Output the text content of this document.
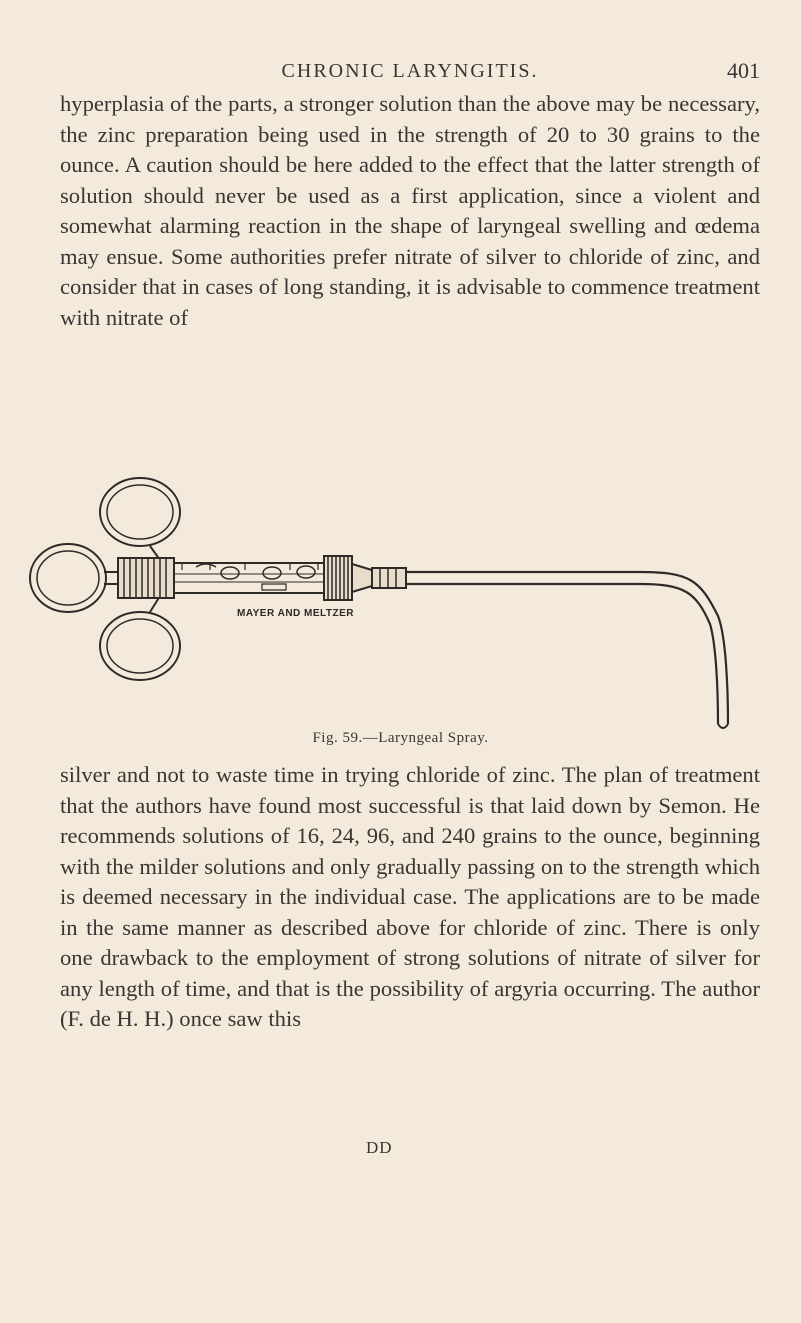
CHRONIC LARYNGITIS.	401

hyperplasia of the parts, a stronger solution than the above may be necessary, the zinc preparation being used in the strength of 20 to 30 grains to the ounce. A caution should be here added to the effect that the latter strength of solution should never be used as a first application, since a violent and somewhat alarming reaction in the shape of laryngeal swelling and œdema may ensue. Some authorities prefer nitrate of silver to chloride of zinc, and consider that in cases of long standing, it is advisable to commence treatment with nitrate of

MAYER AND MELTZER
Fig. 59.—Laryngeal Spray.

silver and not to waste time in trying chloride of zinc. The plan of treatment that the authors have found most successful is that laid down by Semon. He recommends solutions of 16, 24, 96, and 240 grains to the ounce, beginning with the milder solutions and only gradually passing on to the strength which is deemed necessary in the individual case. The applications are to be made in the same manner as described above for chloride of zinc. There is only one drawback to the employment of strong solutions of nitrate of silver for any length of time, and that is the possibility of argyria occurring. The author (F. de H. H.) once saw this

DD
